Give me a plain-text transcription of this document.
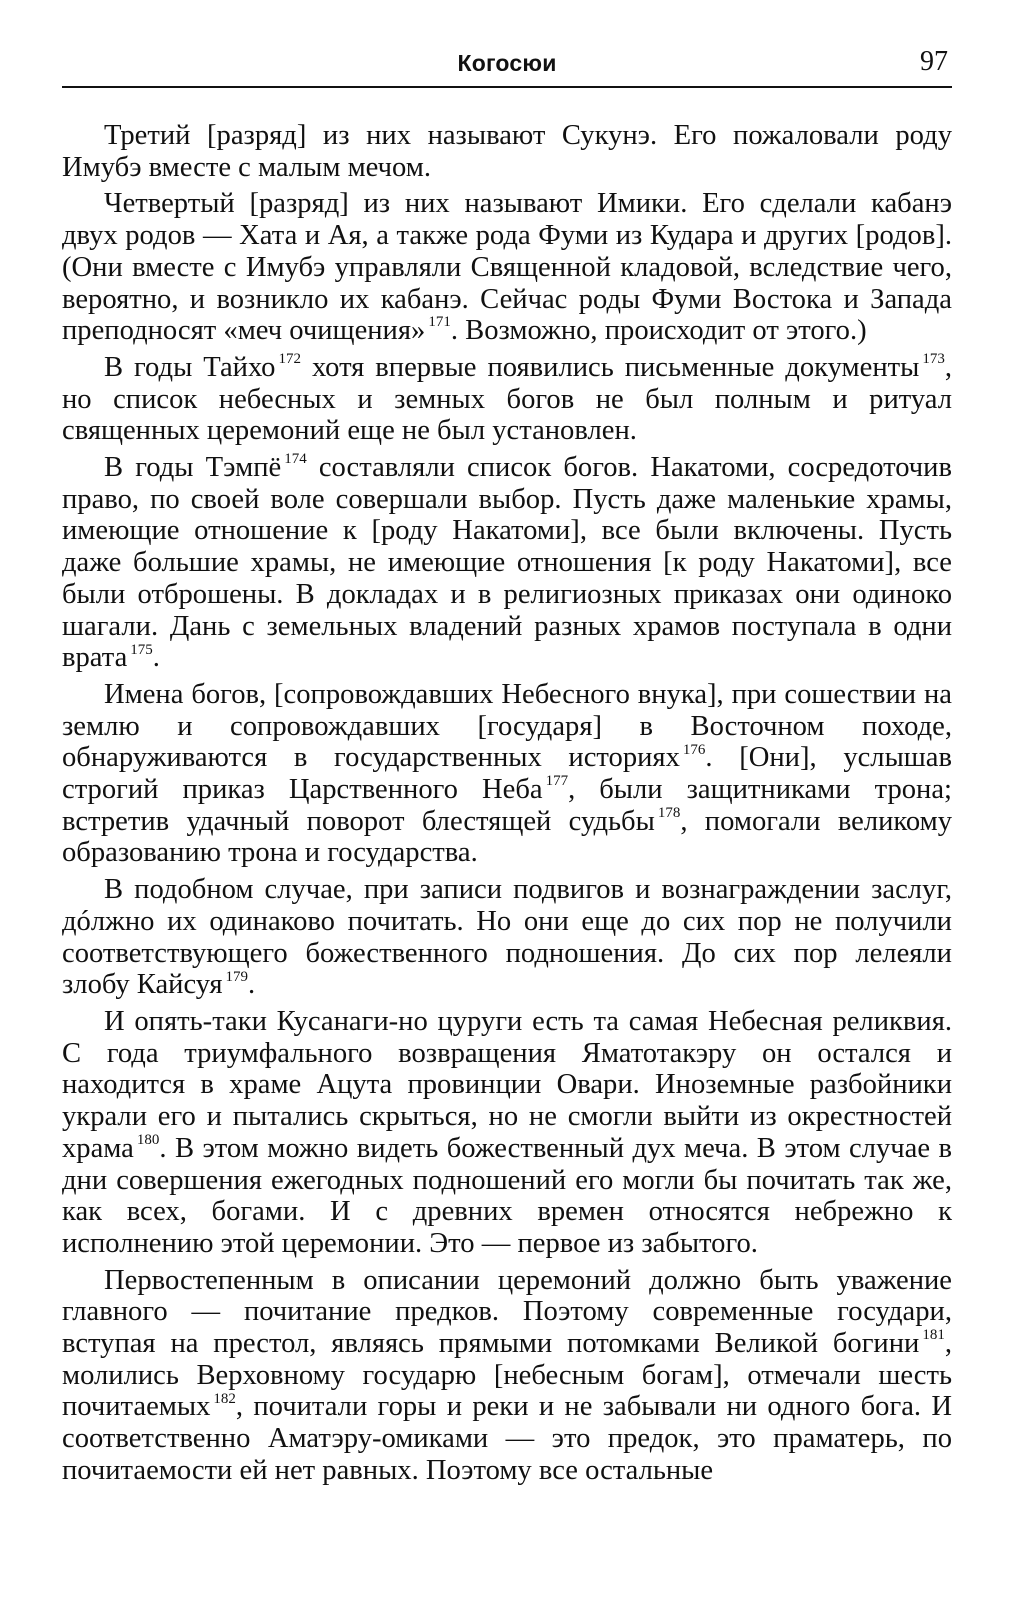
Когосюи	97

Третий [разряд] из них называют Сукунэ. Его пожаловали роду Имубэ вместе с малым мечом.

Четвертый [разряд] из них называют Имики. Его сделали кабанэ двух родов — Хата и Ая, а также рода Фуми из Кудара и других [родов]. (Они вместе с Имубэ управляли Священной кладовой, вследствие чего, вероятно, и возникло их кабанэ. Сейчас роды Фуми Востока и Запада преподносят «меч очищения» $^{171}$. Возможно, происходит от этого.)

В годы Тайхо $^{172}$ хотя впервые появились письменные документы $^{173}$, но список небесных и земных богов не был полным и ритуал священных церемоний еще не был установлен.

В годы Тэмпё $^{174}$ составляли список богов. Накатоми, сосредоточив право, по своей воле совершали выбор. Пусть даже маленькие храмы, имеющие отношение к [роду Накатоми], все были включены. Пусть даже большие храмы, не имеющие отношения [к роду Накатоми], все были отброшены. В докладах и в религиозных приказах они одиноко шагали. Дань с земельных владений разных храмов поступала в одни врата $^{175}$.

Имена богов, [сопровождавших Небесного внука], при сошествии на землю и сопровождавших [государя] в Восточном походе, обнаруживаются в государственных историях $^{176}$. [Они], услышав строгий приказ Царственного Неба $^{177}$, были защитниками трона; встретив удачный поворот блестящей судьбы $^{178}$, помогали великому образованию трона и государства.

В подобном случае, при записи подвигов и вознаграждении заслуг, дóлжно их одинаково почитать. Но они еще до сих пор не получили соответствующего божественного подношения. До сих пор лелеяли злобу Кайсуя $^{179}$.

И опять-таки Кусанаги-но цуруги есть та самая Небесная реликвия. С года триумфального возвращения Яматотакэру он остался и находится в храме Ацута провинции Овари. Иноземные разбойники украли его и пытались скрыться, но не смогли выйти из окрестностей храма $^{180}$. В этом можно видеть божественный дух меча. В этом случае в дни совершения ежегодных подношений его могли бы почитать так же, как всех, богами. И с древних времен относятся небрежно к исполнению этой церемонии. Это — первое из забытого.

Первостепенным в описании церемоний должно быть уважение главного — почитание предков. Поэтому современные государи, вступая на престол, являясь прямыми потомками Великой богини $^{181}$, молились Верховному государю [небесным богам], отмечали шесть почитаемых $^{182}$, почитали горы и реки и не забывали ни одного бога. И соответственно Аматэру-омиками — это предок, это праматерь, по почитаемости ей нет равных. Поэтому все остальные
